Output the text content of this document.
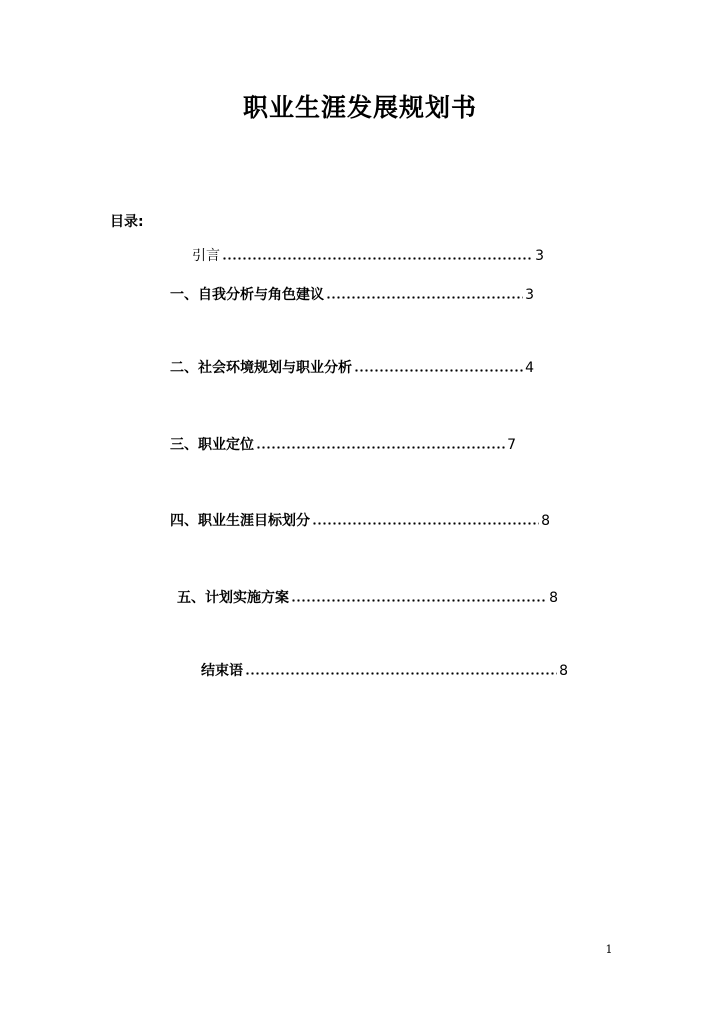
职业生涯发展规划书
目录:
引言	3
一、自我分析与角色建议	3
二、社会环境规划与职业分析	4
三、职业定位	7
四、职业生涯目标划分	8
五、计划实施方案	8
结束语	8
1
